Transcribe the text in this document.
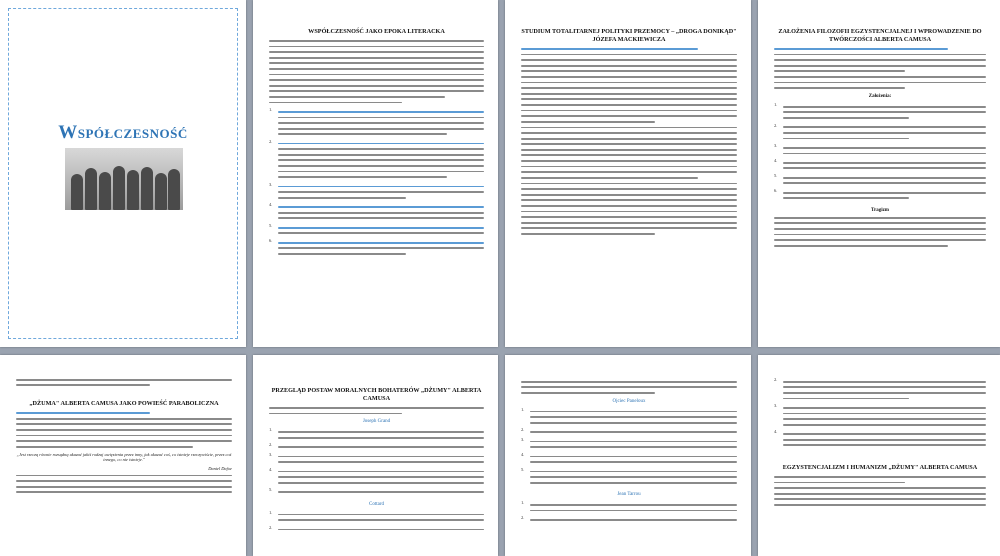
WSPÓŁCZESNOŚĆ
WSPÓŁCZESNOŚĆ JAKO EPOKA LITERACKA
1.
2.
3.
4.
5.
6.
STUDIUM TOTALITARNEJ POLITYKI PRZEMOCY – „DROGA DONIKĄD" JÓZEFA MACKIEWICZA
ZAŁOŻENIA FILOZOFII EGZYSTENCJALNEJ I WPROWADZENIE DO TWÓRCZOŚCI ALBERTA CAMUSA
Założenia:
1.
2.
3.
4.
5.
6.
Tragizm
„DŻUMA" ALBERTA CAMUSA JAKO POWIEŚĆ PARABOLICZNA
„Jest rzeczą równie rozsądną ukazać jakiś rodzaj uwięzienia przez inny, jak ukazać coś, co istnieje rzeczywiście, przez coś innego, co nie istnieje."
Daniel Dafoe
PRZEGLĄD POSTAW MORALNYCH BOHATERÓW „DŻUMY" ALBERTA CAMUSA
Joseph Grand
1.
2.
3.
4.
5.
Cottard
1.
2.
Ojciec Paneloux
1.
2.
3.
4.
5.
Jean Tarrou
1.
2.
2.
3.
4.
EGZYSTENCJALIZM I HUMANIZM „DŻUMY" ALBERTA CAMUSA
